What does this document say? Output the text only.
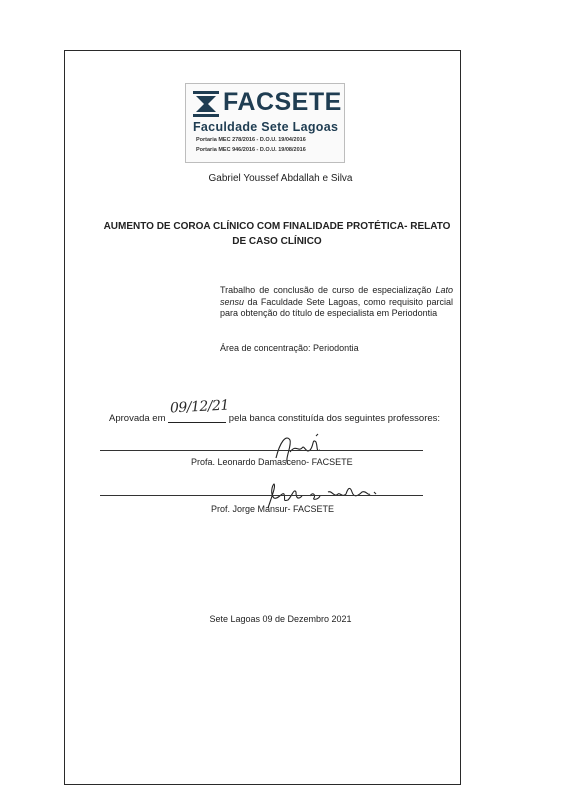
FACSETE
Faculdade Sete Lagoas
Portaria MEC 278/2016 - D.O.U. 19/04/2016
Portaria MEC 946/2016 - D.O.U. 19/08/2016
Gabriel Youssef Abdallah e Silva
AUMENTO DE COROA CLÍNICO COM FINALIDADE PROTÉTICA- RELATO DE CASO CLÍNICO
Trabalho de conclusão de curso de especialização Lato sensu da Faculdade Sete Lagoas, como requisito parcial para obtenção do título de especialista em Periodontia
Área de concentração: Periodontia
Aprovada em
09/12/21
pela banca constituída dos seguintes professores:
Profa. Leonardo Damasceno- FACSETE
Prof. Jorge Mansur- FACSETE
Sete Lagoas 09 de Dezembro 2021
